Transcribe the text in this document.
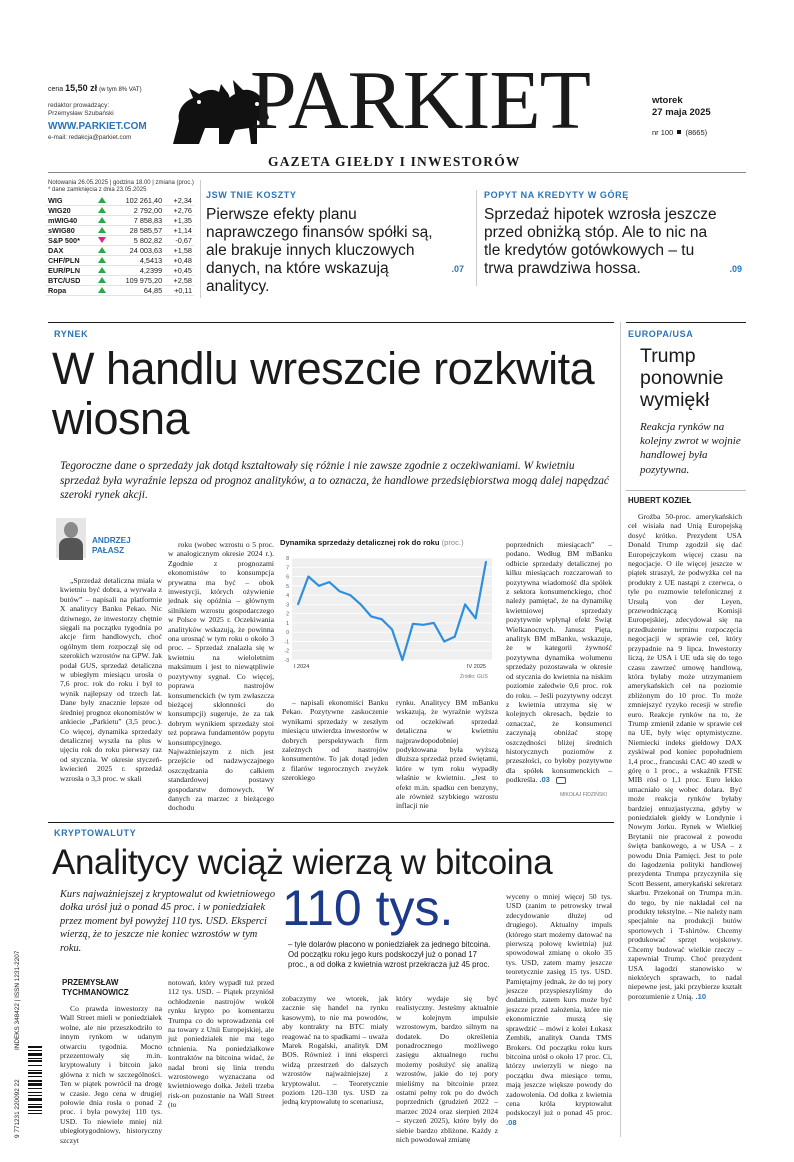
cena 15,50 zł (w tym 8% VAT)
redaktor prowadzący:
Przemysław Szubański
WWW.PARKIET.COM
e-mail: redakcja@parkiet.com PARKIET
GAZETA GIEŁDY I INWESTORÓW
wtorek
27 maja 2025
nr 100 (8665)
Notowania 26.05.2025 | godzina 18.00 | zmiana (proc.)
* dane zamknięcia z dnia 23.05.2025
WIG		102 261,40	+2,34
WIG20		2 792,00	+2,76
mWIG40		7 858,83	+1,35
sWIG80		28 585,57	+1,14
S&P 500*		5 802,82	-0,67
DAX		24 003,63	+1,58
CHF/PLN		4,5413	+0,48
EUR/PLN		4,2399	+0,45
BTC/USD		109 975,20	+2,58
Ropa		64,85	+0,11
JSW TNIE KOSZTY
Pierwsze efekty planu naprawczego finansów spółki są, ale brakuje innych kluczowych danych, na które wskazują analitycy.
.07
POPYT NA KREDYTY W GÓRĘ
Sprzedaż hipotek wzrosła jeszcze przed obniżką stóp. Ale to nic na tle kredytów gotówkowych – tu trwa prawdziwa hossa.	.09
RYNEK
W handlu wreszcie rozkwita wiosna
Tegoroczne dane o sprzedaży jak dotąd kształtowały się różnie i nie zawsze zgodnie z oczekiwaniami. W kwietniu sprzedaż była wyraźnie lepsza od prognoz analityków, a to oznacza, że handlowe przedsiębiorstwa mogą dalej napędzać szeroki rynek akcji.
ANDRZEJ PAŁASZ
„Sprzedaż detaliczna miała w kwietniu być dobra, a wyrwała z butów” – napisali na platformie X analitycy Banku Pekao. Nic dziwnego, że inwestorzy chętnie sięgali na początku tygodnia po akcje firm handlowych, choć ogólnym tłem rozpoczął się od szerokich wzrostów na GPW. Jak podał GUS, sprzedaż detaliczna w ubiegłym miesiącu urosła o 7,6 proc. rok do roku i był to wynik najlepszy od trzech lat. Dane były znacznie lepsze od średniej prognoz ekonomistów w ankiecie „Parkietu” (3,5 proc.). Co więcej, dynamika sprzedaży detalicznej wyszła na plus w ujęciu rok do roku pierwszy raz od stycznia. W okresie styczeń-kwiecień 2025 r. sprzedaż wzrosła o 3,3 proc. w skali
roku (wobec wzrostu o 5 proc. w analogicznym okresie 2024 r.). Zgodnie z prognozami ekonomistów to konsumpcja prywatna ma być – obok inwestycji, których ożywienie jednak się opóźnia – głównym silnikiem wzrostu gospodarczego w Polsce w 2025 r. Oczekiwania analityków wskazują, że powinna ona urosnąć w tym roku o około 3 proc. – Sprzedaż znalazła się w kwietniu na wieloletnim maksimum i jest to niewątpliwie pozytywny sygnał. Co więcej, poprawa nastrojów konsumenckich (w tym zwłaszcza bieżącej skłonności do konsumpcji) sugeruje, że za tak dobrym wynikiem sprzedaży stoi też poprawa fundamentów popytu konsumpcyjnego. Najważniejszym z nich jest przejście od nadzwyczajnego oszczędzania do całkiem standardowej postawy gospodarstw domowych. W danych za marzec z bieżącego dochodu
Dynamika sprzedaży detalicznej rok do roku (proc.)
8
7
6
5
4
3
2
1
0
-1
-2
-3
I 2024	IV 2025
Źródło: GUS
– napisali ekonomiści Banku Pekao. Pozytywne zaskoczenie wynikami sprzedaży w zeszłym miesiącu utwierdza inwestorów w dobrych perspektywach firm zależnych od nastrojów konsumentów. To jak dotąd jeden z filarów tegorocznych zwyżek szerokiego
rynku. Analitycy BM mBanku wskazują, że wyraźnie wyższa od oczekiwań sprzedaż detaliczna w kwietniu najprawdopodobniej podyktowana była wyższą dłuższa sprzedaż przed świętami, które w tym roku wypadły właśnie w kwietniu. „Jest to efekt m.in. spadku cen benzyny, ale również szybkiego wzrostu inflacji nie
poprzednich miesiącach” – podano. Według BM mBanku odbicie sprzedaży detalicznej po kilku miesiącach rozczarowań to pozytywna wiadomość dla spółek z sektora konsumenckiego, choć należy pamiętać, że na dynamikę kwietniowej sprzedaży pozytywnie wpłynął efekt Świąt Wielkanocnych. Janusz Pięta, analityk BM mBanku, wskazuje, że w kategorii żywność pozytywna dynamika wolumenu sprzedaży pozostawała w okresie od stycznia do kwietnia na niskim poziomie zaledwie 0,6 proc. rok do roku. – Jeśli pozytywny odczyt z kwietnia utrzyma się w kolejnych okresach, będzie to oznaczać, że konsumenci zaczynają obniżać stopę oszczędności bliżej średnich historycznych poziomów z przeszłości, co byłoby pozytywne dla spółek konsumenckich – podkreśla. .03
MIKOŁAJ FIDZIŃSKI
EUROPA/USA
Trump ponownie wymiękł
Reakcja rynków na kolejny zwrot w wojnie handlowej była pozytywna.
HUBERT KOZIEŁ
Groźba 50-proc. amerykańskich ceł wisiała nad Unią Europejską dosyć krótko. Prezydent USA Donald Trump zgodził się dać Europejczykom więcej czasu na negocjacje. O ile więcej jeszcze w piątek straszył, że podwyżka ceł na produkty z UE nastąpi z czerwca, o tyle po rozmowie telefonicznej z Ursulą von der Leyen, przewodniczącą Komisji Europejskiej, zdecydował się na przedłużenie terminu rozpoczęcia negocjacji w sprawie ceł, który przypadnie na 9 lipca. Inwestorzy liczą, że USA i UE uda się do tego czasu zawrzeć umowę handlową, która byłaby może utrzymaniem amerykańskich ceł na poziomie zbliżonym do 10 proc. To może zmniejszyć ryzyko recesji w strefie euro. Reakcje rynków na to, że Trump zmienił zdanie w sprawie ceł na UE, były więc optymistyczne. Niemiecki indeks giełdowy DAX zyskiwał pod koniec popołudniem 1,4 proc., francuski CAC 40 szedł w górę o 1 proc., a wskaźnik FTSE MIB rósł o 1,1 proc. Euro lekko umacniało się wobec dolara. Być może reakcja rynków byłaby bardziej entuzjastyczna, gdyby w poniedziałek giełdy w Londynie i Nowym Jorku. Rynek w Wielkiej Brytanii nie pracował z powodu święta bankowego, a w USA – z powodu Dnia Pamięci. Jest to pole do łagodzenia polityki handlowej prezydenta Trumpa przyczyniła się Scott Bessent, amerykański sekretarz skarbu. Przekonał on Trumpa m.in. do tego, by nie nakładał ceł na produkty tekstylne. – Nie należy nam specjalnie na produkcji butów sportowych i T-shirtów. Chcemy produkować sprzęt wojskowy. Chcemy budować wielkie rzeczy – zapewniał Trump. Choć prezydent USA łagodzi stanowisko w niektórych sprawach, to nadal niepewne jest, jaki przybierze kształt porozumienie z Unią. .10
KRYPTOWALUTY
Analitycy wciąż wierzą w bitcoina
Kurs najważniejszej z kryptowalut od kwietniowego dołka urósł już o ponad 45 proc. i w poniedziałek przez moment był powyżej 110 tys. USD. Eksperci wierzą, że to jeszcze nie koniec wzrostów w tym roku.
110 tys.
– tyle dolarów płacono w poniedziałek za jednego bitcoina. Od początku roku jego kurs podskoczył już o ponad 17 proc., a od dołka z kwietnia wzrost przekracza już 45 proc.
PRZEMYSŁAW TYCHMANOWICZ
Co prawda inwestorzy na Wall Street mieli w poniedziałek wolne, ale nie przeszkodziło to innym rynkom w udanym otwarciu tygodnia. Mocno przezentowały się m.in. kryptowaluty i bitcoin jako główna z nich w szczególności. Ten w piątek powrócił na drogę w czasie. Jego cena w drugiej połowie dnia rosła o ponad 2 proc. i była powyżej 110 tys. USD. To niewiele mniej niż ubiegłotygodniowy, historyczny szczyt
notowań, który wypadł tuż przed 112 tys. USD. – Piątek przyniósł ochłodzenie nastrojów wokół rynku krypto po komentarzu Trumpa co do wprowadzenia ceł na towary z Unii Europejskiej, ale już poniedziałek nie ma tego tchnienia. Na poniedziałkowe kontraktów na bitcoina widać, że nadal broni się linia trendu wzrostowego wyznaczana od kwietniowego dołka. Jeżeli trzeba risk-on pozostanie na Wall Street (to
zobaczymy we wtorek, jak zacznie się handel na rynku kasowym), to nie ma powodów, aby kontrakty na BTC miały reagować na to spadkami – uważa Marek Rogalski, analityk DM BOS. Również i inni eksperci widzą przestrzeń do dalszych wzrostów najważniejszej z kryptowalut. – Teoretycznie poziom 120–130 tys. USD za jedną kryptowalutę to scenariusz,
który wydaje się być realistyczny. Jesteśmy aktualnie w kolejnym impulsie wzrostowym, bardzo silnym na dodatek. Do określenia ponadrocznego możliwego zasięgu aktualnego ruchu możemy posłużyć się analizą wzrostów, jakie do tej pory mieliśmy na bitcoinie przez ostatni pełny rok po do dwóch poprzednich (grudzień 2022 – marzec 2024 oraz sierpień 2024 – styczeń 2025), które były do siebie bardzo zbliżone. Każdy z nich powodował zmianę
wyceny o mniej więcej 50 tys. USD (zanim te petrowsky trwał zdecydowanie dłużej od drugiego). Aktualny impuls (którego start możemy datować na pierwszą połowę kwietnia) już spowodował zmianę o około 35 tys. USD, zatem mamy jeszcze teoretycznie zasięg 15 tys. USD. Pamiętajmy jednak, że do tej pory jeszcze przyspieszyliśmy do dodatnich, zatem kurs może być jeszcze przed założenia, które nie ekonomicznie muszą się sprawdzić – mówi z kolei Łukasz Zembik, analityk Oanda TMS Brokers. Od początku roku kurs bitcoina urósł o około 17 proc. Ci, którzy uwierzyli w niego na początku dwa miesiące temu, mają jeszcze większe powody do zadowolenia. Od dołka z kwietnia cena króla kryptowalut podskoczył już o ponad 45 proc. .08
INDEKS 348422 | ISSN 1231-2207
9 771231 220092 22
